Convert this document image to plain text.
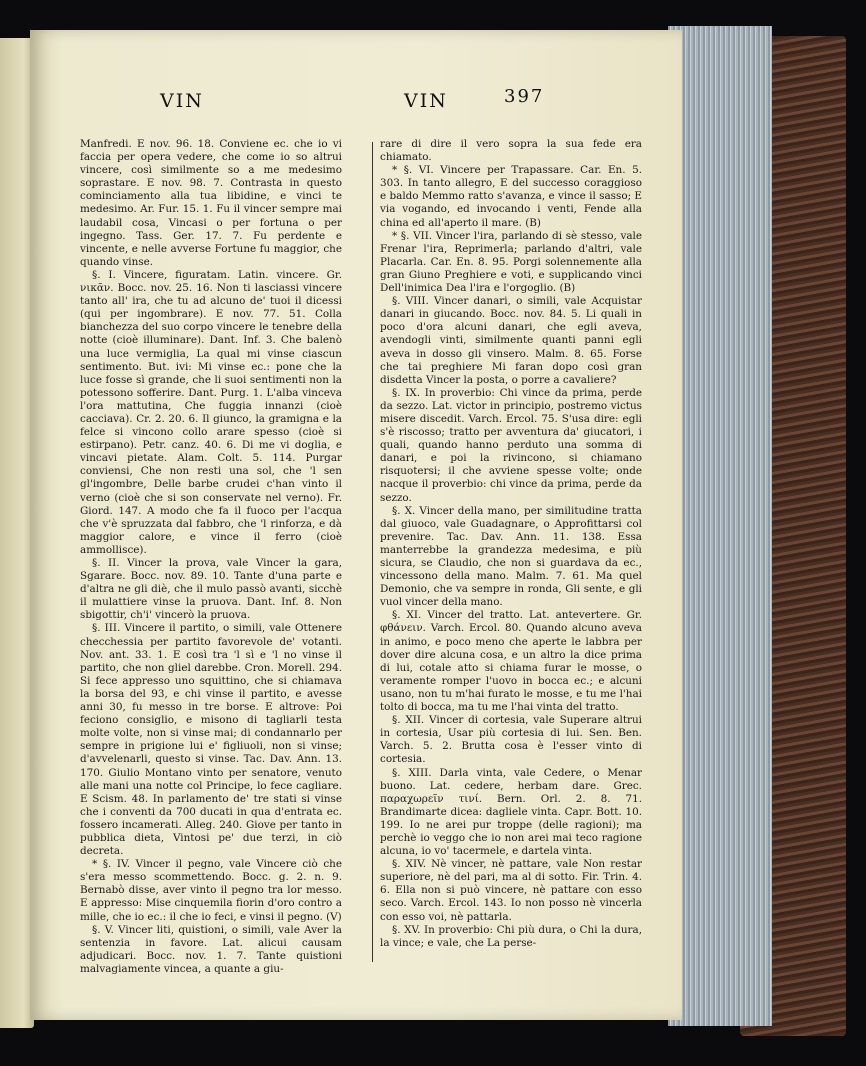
VIN	VIN	397

Manfredi. E nov. 96. 18. Conviene ec. che io vi faccia per opera vedere, che come io so altrui vincere, così similmente so a me medesimo soprastare. E nov. 98. 7. Contrasta in questo cominciamento alla tua libidine, e vinci te medesimo. Ar. Fur. 15. 1. Fu il vincer sempre mai laudabil cosa, Vincasi o per fortuna o per ingegno. Tass. Ger. 17. 7. Fu perdente e vincente, e nelle avverse Fortune fu maggior, che quando vinse.

§. I. Vincere, figuratam. Latin. vincere. Gr. νικᾶν. Bocc. nov. 25. 16. Non ti lasciassi vincere tanto all' ira, che tu ad alcuno de' tuoi il dicessi (qui per ingombrare). E nov. 77. 51. Colla bianchezza del suo corpo vincere le tenebre della notte (cioè illuminare). Dant. Inf. 3. Che balenò una luce vermiglia, La qual mi vinse ciascun sentimento. But. ivi: Mi vinse ec.: pone che la luce fosse sì grande, che li suoi sentimenti non la potessono sofferire. Dant. Purg. 1. L'alba vinceva l'ora mattutina, Che fuggia innanzi (cioè cacciava). Cr. 2. 20. 6. Il giunco, la gramigna e la felce si vincono collo arare spesso (cioè si estirpano). Petr. canz. 40. 6. Di me vi doglia, e vincavi pietate. Alam. Colt. 5. 114. Purgar conviensi, Che non resti una sol, che 'l sen gl'ingombre, Delle barbe crudei c'han vinto il verno (cioè che si son conservate nel verno). Fr. Giord. 147. A modo che fa il fuoco per l'acqua che v'è spruzzata dal fabbro, che 'l rinforza, e dà maggior calore, e vince il ferro (cioè ammollisce).

§. II. Vincer la prova, vale Vincer la gara, Sgarare. Bocc. nov. 89. 10. Tante d'una parte e d'altra ne gli diè, che il mulo passò avanti, sicchè il mulattiere vinse la pruova. Dant. Inf. 8. Non sbigottir, ch'i' vincerò la pruova.

§. III. Vincere il partito, o simili, vale Ottenere checchessia per partito favorevole de' votanti. Nov. ant. 33. 1. E così tra 'l sì e 'l no vinse il partito, che non gliel darebbe. Cron. Morell. 294. Si fece appresso uno squittino, che si chiamava la borsa del 93, e chi vinse il partito, e avesse anni 30, fu messo in tre borse. E altrove: Poi feciono consiglio, e misono di tagliarli testa molte volte, non si vinse mai; di condannarlo per sempre in prigione lui e' figliuoli, non si vinse; d'avvelenarli, questo si vinse. Tac. Dav. Ann. 13. 170. Giulio Montano vinto per senatore, venuto alle mani una notte col Principe, lo fece cagliare. E Scism. 48. In parlamento de' tre stati si vinse che i conventi da 700 ducati in qua d'entrata ec. fossero incamerati. Alleg. 240. Giove per tanto in pubblica dieta, Vintosi pe' due terzi, in ciò decreta.

* §. IV. Vincer il pegno, vale Vincere ciò che s'era messo scommettendo. Bocc. g. 2. n. 9. Bernabò disse, aver vinto il pegno tra lor messo. E appresso: Mise cinquemila fiorin d'oro contro a mille, che io ec.: il che io feci, e vinsi il pegno. (V)

§. V. Vincer liti, quistioni, o simili, vale Aver la sentenzia in favore. Lat. alicui causam adjudicari. Bocc. nov. 1. 7. Tante quistioni malvagiamente vincea, a quante a giu-

rare di dire il vero sopra la sua fede era chiamato.

* §. VI. Vincere per Trapassare. Car. En. 5. 303. In tanto allegro, E del successo coraggioso e baldo Memmo ratto s'avanza, e vince il sasso; E via vogando, ed invocando i venti, Fende alla china ed all'aperto il mare. (B)

* §. VII. Vincer l'ira, parlando di sè stesso, vale Frenar l'ira, Reprimerla; parlando d'altri, vale Placarla. Car. En. 8. 95. Porgi solennemente alla gran Giuno Preghiere e voti, e supplicando vinci Dell'inimica Dea l'ira e l'orgoglio. (B)

§. VIII. Vincer danari, o simili, vale Acquistar danari in giucando. Bocc. nov. 84. 5. Li quali in poco d'ora alcuni danari, che egli aveva, avendogli vinti, similmente quanti panni egli aveva in dosso gli vinsero. Malm. 8. 65. Forse che tai preghiere Mi faran dopo così gran disdetta Vincer la posta, o porre a cavaliere?

§. IX. In proverbio: Chi vince da prima, perde da sezzo. Lat. victor in principio, postremo victus misere discedit. Varch. Ercol. 75. S'usa dire: egli s'è riscosso; tratto per avventura da' giucatori, i quali, quando hanno perduto una somma di danari, e poi la rivincono, si chiamano risquotersi; il che avviene spesse volte; onde nacque il proverbio: chi vince da prima, perde da sezzo.

§. X. Vincer della mano, per similitudine tratta dal giuoco, vale Guadagnare, o Approfittarsi col prevenire. Tac. Dav. Ann. 11. 138. Essa manterrebbe la grandezza medesima, e più sicura, se Claudio, che non si guardava da ec., vincessono della mano. Malm. 7. 61. Ma quel Demonio, che va sempre in ronda, Gli sente, e gli vuol vincer della mano.

§. XI. Vincer del tratto. Lat. antevertere. Gr. φθάνειν. Varch. Ercol. 80. Quando alcuno aveva in animo, e poco meno che aperte le labbra per dover dire alcuna cosa, e un altro la dice prima di lui, cotale atto si chiama furar le mosse, o veramente romper l'uovo in bocca ec.; e alcuni usano, non tu m'hai furato le mosse, e tu me l'hai tolto di bocca, ma tu me l'hai vinta del tratto.

§. XII. Vincer di cortesia, vale Superare altrui in cortesia, Usar più cortesia di lui. Sen. Ben. Varch. 5. 2. Brutta cosa è l'esser vinto di cortesia.

§. XIII. Darla vinta, vale Cedere, o Menar buono. Lat. cedere, herbam dare. Grec. παραχωρεῖν τινί. Bern. Orl. 2. 8. 71. Brandimarte dicea: dagliele vinta. Capr. Bott. 10. 199. Io ne arei pur troppe (delle ragioni); ma perchè io veggo che io non arei mai teco ragione alcuna, io vo' tacermele, e dartela vinta.

§. XIV. Nè vincer, nè pattare, vale Non restar superiore, nè del pari, ma al di sotto. Fir. Trin. 4. 6. Ella non si può vincere, nè pattare con esso seco. Varch. Ercol. 143. Io non posso nè vincerla con esso voi, nè pattarla.

§. XV. In proverbio: Chi più dura, o Chi la dura, la vince; e vale, che La perse-
